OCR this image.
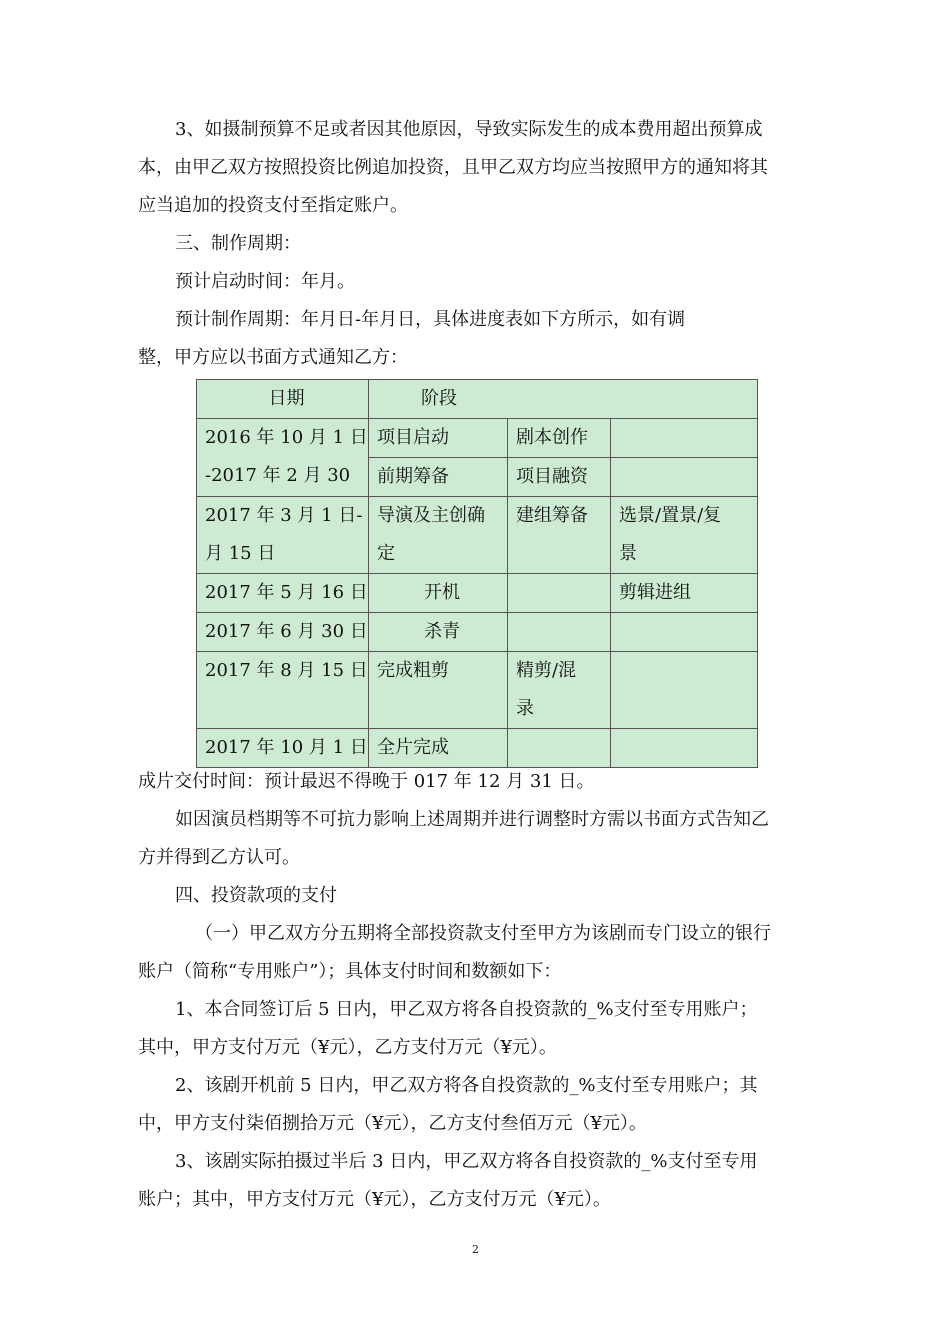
3、如摄制预算不足或者因其他原因，导致实际发生的成本费用超出预算成
本，由甲乙双方按照投资比例追加投资，且甲乙双方均应当按照甲方的通知将其
应当追加的投资支付至指定账户。
三、制作周期：
预计启动时间：年月。
预计制作周期：年月日-年月日，具体进度表如下方所示，如有调
整，甲方应以书面方式通知乙方：
日期	阶段		

2016 年 10 月 1 日
-2017 年 2 月 30	项目启动	剧本创作	
	前期筹备	项目融资	

2017 年 3 月 1 日-
月 15 日	导演及主创确
定	建组筹备	选景/置景/复
景

2017 年 5 月 16 日	开机		剪辑进组
2017 年 6 月 30 日	杀青		
2017 年 8 月 15 日	完成粗剪	精剪/混
录	

2017 年 10 月 1 日	全片完成		
成片交付时间：预计最迟不得晚于 017 年 12 月 31 日。
如因演员档期等不可抗力影响上述周期并进行调整时方需以书面方式告知乙
方并得到乙方认可。
四、投资款项的支付
（一）甲乙双方分五期将全部投资款支付至甲方为该剧而专门设立的银行
账户（简称“专用账户”）；具体支付时间和数额如下：
1、本合同签订后 5 日内，甲乙双方将各自投资款的_%支付至专用账户；
其中，甲方支付万元（¥元），乙方支付万元（¥元）。
2、该剧开机前 5 日内，甲乙双方将各自投资款的_%支付至专用账户；其
中，甲方支付柒佰捌拾万元（¥元），乙方支付叁佰万元（¥元）。
3、该剧实际拍摄过半后 3 日内，甲乙双方将各自投资款的_%支付至专用
账户；其中，甲方支付万元（¥元），乙方支付万元（¥元）。
2
